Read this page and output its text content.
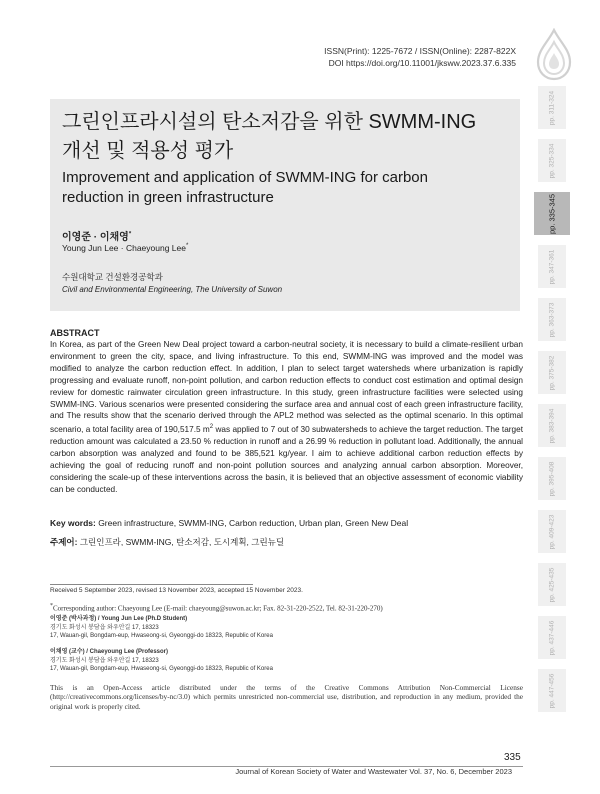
ISSN(Print): 1225-7672 / ISSN(Online): 2287-822X
DOI https://doi.org/10.11001/jksww.2023.37.6.335
그린인프라시설의 탄소저감을 위한 SWMM-ING
개선 및 적용성 평가
Improvement and application of SWMM-ING for carbon
reduction in green infrastructure
이영준 · 이채영*
Young Jun Lee · Chaeyoung Lee*
수원대학교 건설환경공학과
Civil and Environmental Engineering, The University of Suwon
ABSTRACT
In Korea, as part of the Green New Deal project toward a carbon-neutral society, it is necessary to build a climate-resilient urban environment to green the city, space, and living infrastructure. To this end, SWMM-ING was improved and the model was modified to analyze the carbon reduction effect. In addition, I plan to select target watersheds where urbanization is rapidly progressing and evaluate runoff, non-point pollution, and carbon reduction effects to conduct cost estimation and optimal design review for domestic rainwater circulation green infrastructure. In this study, green infrastructure facilities were selected using SWMM-ING. Various scenarios were presented considering the surface area and annual cost of each green infrastructure facility, and The results show that the scenario derived through the APL2 method was selected as the optimal scenario. In this optimal scenario, a total facility area of 190,517.5 $m^2$ was applied to 7 out of 30 subwatersheds to achieve the target reduction. The target reduction amount was calculated a 23.50 % reduction in runoff and a 26.99 % reduction in pollutant load. Additionally, the annual carbon absorption was analyzed and found to be 385,521 kg/year. I aim to achieve additional carbon reduction effects by achieving the goal of reducing runoff and non-point pollution sources and analyzing annual carbon absorption. Moreover, considering the scale-up of these interventions across the basin, it is believed that an objective assessment of economic viability can be conducted.
Key words: Green infrastructure, SWMM-ING, Carbon reduction, Urban plan, Green New Deal
주제어: 그린인프라, SWMM-ING, 탄소저감, 도시계획, 그린뉴딜
Received 5 September 2023, revised 13 November 2023, accepted 15 November 2023.
*Corresponding author: Chaeyoung Lee (E-mail: chaeyoung@suwon.ac.kr; Fax. 82-31-220-2522, Tel. 82-31-220-270)
이영준 (박사과정) / Young Jun Lee (Ph.D Student)
경기도 화성시 봉담읍 와우안길 17, 18323
17, Wauan-gil, Bongdam-eup, Hwaseong-si, Gyeonggi-do 18323, Republic of Korea
이채영 (교수) / Chaeyoung Lee (Professor)
경기도 화성시 봉담읍 와우안길 17, 18323
17, Wauan-gil, Bongdam-eup, Hwaseong-si, Gyeonggi-do 18323, Republic of Korea
This is an Open-Access article distributed under the terms of the Creative Commons Attribution Non-Commercial License (http://creativecommons.org/licenses/by-nc/3.0) which permits unrestricted non-commercial use, distribution, and reproduction in any medium, provided the original work is properly cited.
335
Journal of Korean Society of Water and Wastewater Vol. 37, No. 6, December 2023
pp. 311-324
pp. 325-334
pp. 335-345
pp. 347-361
pp. 363-373
pp. 375-382
pp. 383-394
pp. 395-408
pp. 409-423
pp. 425-435
pp. 437-446
pp. 447-456
